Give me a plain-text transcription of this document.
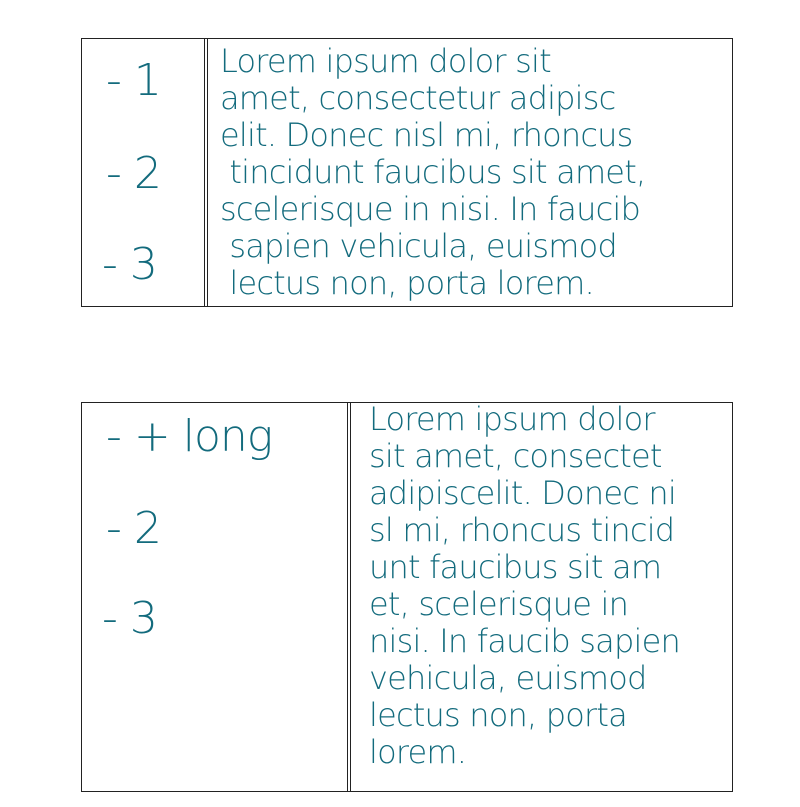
- 1
- 2
- 3
Lorem ipsum dolor sit
amet, consectetur adipisc
elit. Donec nisl mi, rhoncus
tincidunt faucibus sit amet,
scelerisque in nisi. In faucib
sapien vehicula, euismod
lectus non, porta lorem.
- + long
- 2
- 3
Lorem ipsum dolor
sit amet, consectet
adipiscelit. Donec ni
sl mi, rhoncus tincid
unt faucibus sit am
et, scelerisque in
nisi. In faucib sapien
vehicula, euismod
lectus non, porta
lorem.
